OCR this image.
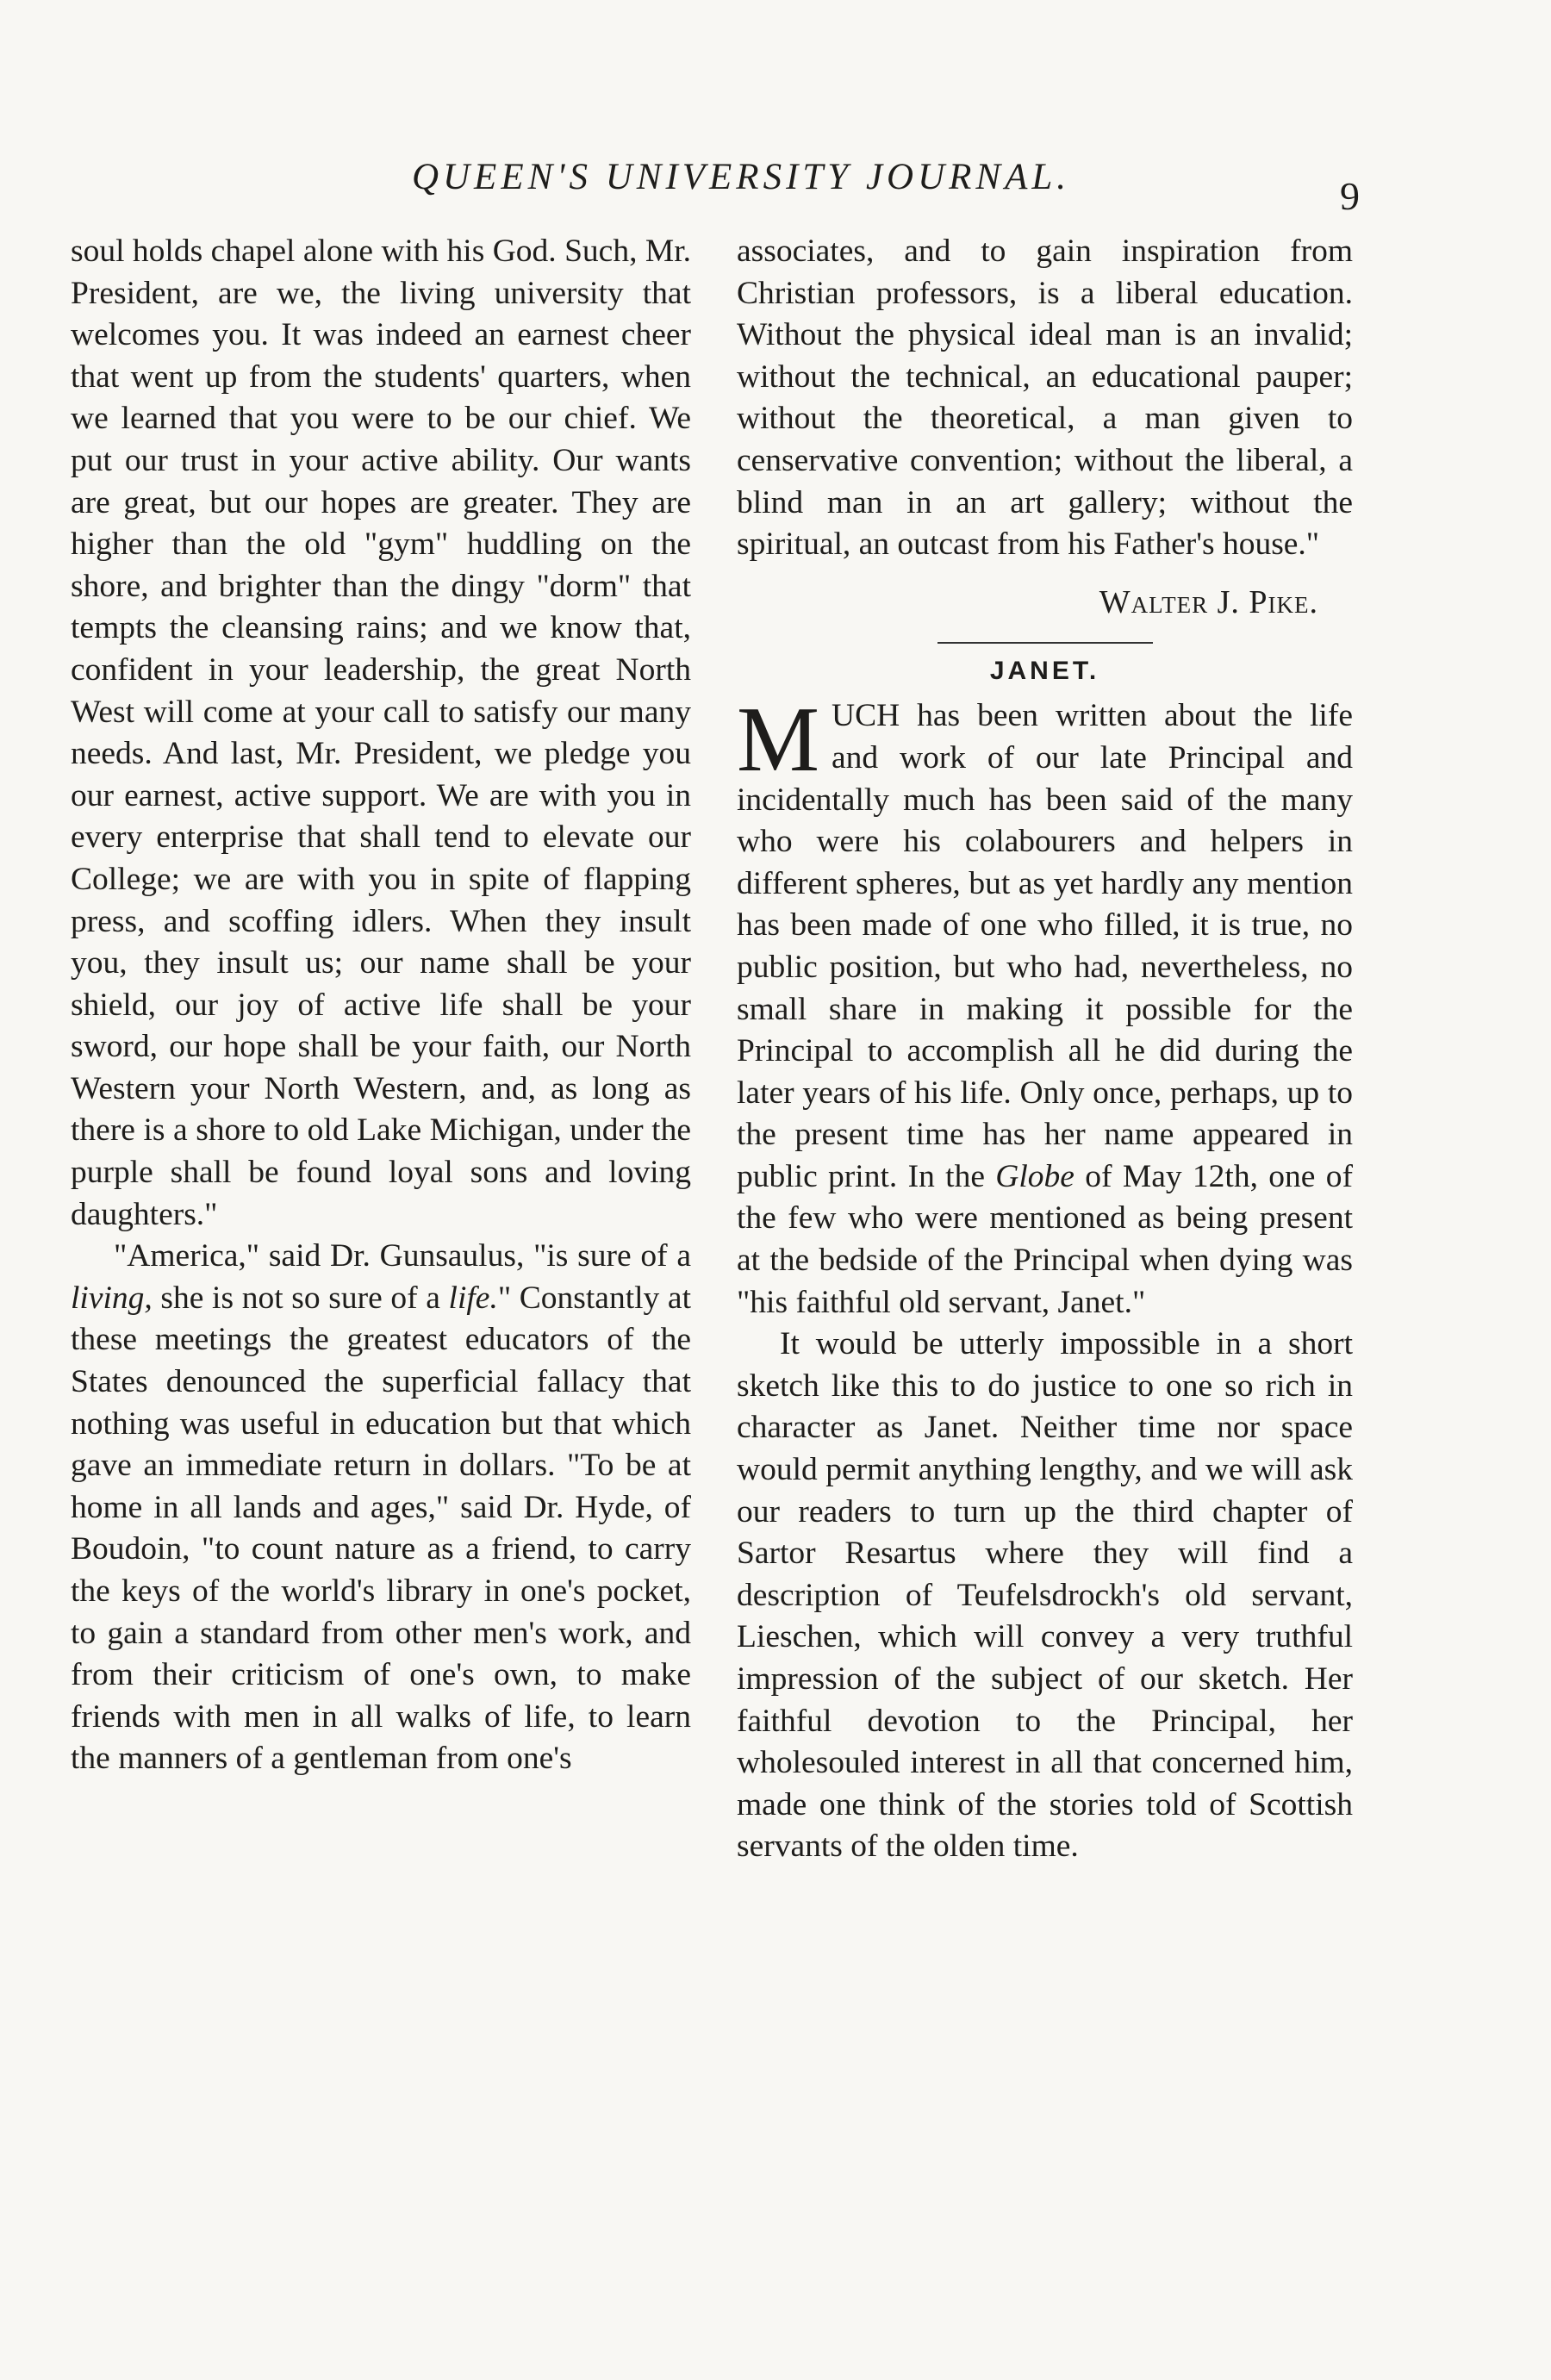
QUEEN'S UNIVERSITY JOURNAL.	9

soul holds chapel alone with his God. Such, Mr. President, are we, the living university that welcomes you. It was indeed an earnest cheer that went up from the students' quarters, when we learned that you were to be our chief. We put our trust in your active ability. Our wants are great, but our hopes are greater. They are higher than the old "gym" huddling on the shore, and brighter than the dingy "dorm" that tempts the cleansing rains; and we know that, confident in your leadership, the great North West will come at your call to satisfy our many needs. And last, Mr. President, we pledge you our earnest, active support. We are with you in every enterprise that shall tend to elevate our College; we are with you in spite of flapping press, and scoffing idlers. When they insult you, they insult us; our name shall be your shield, our joy of active life shall be your sword, our hope shall be your faith, our North Western your North Western, and, as long as there is a shore to old Lake Michigan, under the purple shall be found loyal sons and loving daughters."

"America," said Dr. Gunsaulus, "is sure of a living, she is not so sure of a life." Constantly at these meetings the greatest educators of the States denounced the superficial fallacy that nothing was useful in education but that which gave an immediate return in dollars. "To be at home in all lands and ages," said Dr. Hyde, of Boudoin, "to count nature as a friend, to carry the keys of the world's library in one's pocket, to gain a standard from other men's work, and from their criticism of one's own, to make friends with men in all walks of life, to learn the manners of a gentleman from one's

associates, and to gain inspiration from Christian professors, is a liberal education. Without the physical ideal man is an invalid; without the technical, an educational pauper; without the theoretical, a man given to censervative convention; without the liberal, a blind man in an art gallery; without the spiritual, an outcast from his Father's house."

Walter J. Pike.

JANET.

MUCH has been written about the life and work of our late Principal and incidentally much has been said of the many who were his colabourers and helpers in different spheres, but as yet hardly any mention has been made of one who filled, it is true, no public position, but who had, nevertheless, no small share in making it possible for the Principal to accomplish all he did during the later years of his life. Only once, perhaps, up to the present time has her name appeared in public print. In the Globe of May 12th, one of the few who were mentioned as being present at the bedside of the Principal when dying was "his faithful old servant, Janet."

It would be utterly impossible in a short sketch like this to do justice to one so rich in character as Janet. Neither time nor space would permit anything lengthy, and we will ask our readers to turn up the third chapter of Sartor Resartus where they will find a description of Teufelsdrockh's old servant, Lieschen, which will convey a very truthful impression of the subject of our sketch. Her faithful devotion to the Principal, her wholesouled interest in all that concerned him, made one think of the stories told of Scottish servants of the olden time.
